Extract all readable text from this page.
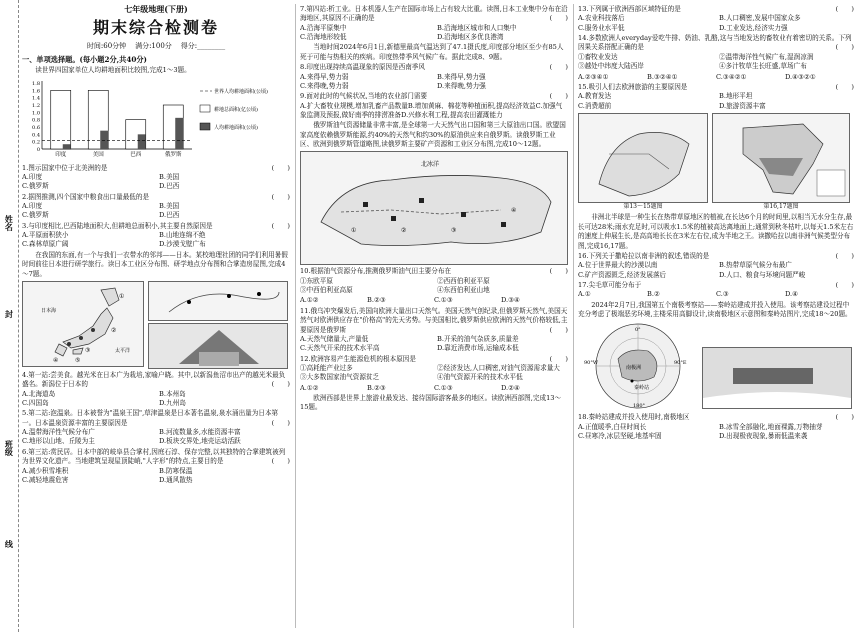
班级
姓名
封
线
七年级地理(下册)
期末综合检测卷
时间:60分钟 满分:100分 得分:________
一、单项选择题。(每小题2分,共40分)
读世界四国家单位人均耕地面积比较图,完成1～3题。
1.8
1.6
1.4
1.2
1.0
0.8
0.6
0.4
0.2
0
印度	美国	巴西	俄罗斯
世界人均耕地面积(公顷)
耕地总面积(亿公顷)
人均耕地面积(公顷)
1.图示国家中位于北美洲的是	(　　)
A.印度	B.美国
C.俄罗斯	D.巴西
2.据图推测,四个国家中粮食出口量最低的是	(　　)
A.印度	B.美国
C.俄罗斯	D.巴西
3.与印度相比,巴西陆地面积大,但耕地总面积小,其主要自然原因是	(　　)
A.平原面积狭小	B.山地连绵不绝
C.森林草原广阔	D.沙漠戈壁广布
在我国的东面,有一个与我们一衣带水的邻邦——日本。某校地理社团的同学们利用暑假时间前往日本进行研学旅行。读日本工业区分布图、研学地点分布图和合掌造房屋图,完成4～7题。
①
②
③
④	⑤
太平洋
日本海
4.第一站:尝美食。越光米在日本广为栽培,家喻户晓。其中,以新潟鱼沼市出产的越光米最负盛名。新潟位于日本的	(　　)
A.北海道岛	B.本州岛
C.四国岛	D.九州岛
5.第二站:泡温泉。日本被誉为"温泉王国",草津温泉是日本著名温泉,泉水涌出量为日本第一。日本温泉资源丰富的主要原因是	(　　)
A.温带海洋性气候分布广	B.河流数量多,水能资源丰富
C.地形以山地、丘陵为主	D.板块交界处,地壳运动活跃
6.第三站:赏民居。日本中部的岐阜县合掌村,因庭石淳、保存完整,以其独特的合掌建筑被列为世界文化遗产。当地建筑呈现屋顶陡峭,"人字形"的特点,主要目的是	(　　)
A.减少积雪堆积	B.防寒保温
C.减轻地震危害	D.通风散热
7.第四站:析工业。日本机器人生产在国际市场上占有较大比重。读图,日本工业集中分布在沿海地区,其原因不正确的是	(　　)
A.沿海平原集中	B.沿海地区城市和人口集中
C.沿海地形较低	D.沿海地区多优良港湾
当地时间2024年6月1日,新德里最高气温达到了47.1摄氏度,印度部分地区至少有85人死于可能与热相关的疾病。印度热带季风气候广布。据此完成8、9题。
8.印度出现持续高温现象的原因是西南季风	(　　)
A.来得早,势力弱	B.来得早,势力强
C.来得晚,势力弱	D.来得晚,势力强
9.面对此时的气候状况,当地的农业部门需要	(　　)
A.扩大畜牧业规模,增加乳畜产品数量B.增加黄麻、棉花等种植面积,提高经济效益C.加强气象监测及预报,做好南季的排涝准备D.兴修水利工程,提高农田灌溉能力
俄罗斯油气资源储量非常丰富,是全球第一大天然气出口国和第三大原油出口国。欧盟国家高度依赖俄罗斯能源,约40%的天然气和约30%的原油供应来自俄罗斯。读俄罗斯工业区、欧洲到俄罗斯管道略图,读俄罗斯主要矿产资源和工业区分布图,完成10～12题。
北冰洋
①	②	③
④
10.根据油气资源分布,推测俄罗斯油气田主要分布在	(　　)
①东欧平原	②西西伯利亚平原
③中西伯利亚高原	④东西伯利亚山地
A.①②	B.②③	C.①③	D.③④
11.俄乌冲突爆发后,美国向欧洲大量出口天然气。美国天然气创纪录,但俄罗斯天然气,美国天然气对欧洲供应存在"价格高"的先天劣势。与美国相比,俄罗斯供应欧洲的天然气价格较低,主要原因是俄罗斯	(　　)
A.天然气储量大,产量低	B.开采的油气杂质多,质量差
C.天然气开采的技术水平高	D.靠近消费市场,运输成本低
12.欧洲容易产生能源危机的根本原因是	(　　)
①高耗能产业过多	②经济发达,人口稠密,对油气资源需求量大
③大多数国家油气资源贫乏	④油气资源开采的技术水平低
A.①②	B.②③	C.①③	D.②④
欧洲西部是世界上旅游业最发达、接待国际游客最多的地区。读欧洲西部图,完成13～15题。
13.下列属于欧洲西部区域特征的是	(　　)
A.农业科技落后	B.人口稠密,发展中国家众多
C.服务业水平低	D.工业发达,经济实力强
14.多数欧洲人everyday爱吃牛排、奶油、乳酪,这与当地发达的畜牧业有着密切的关系。下列因果关系搭配正确的是	(　　)
①畜牧业发达	②温带海洋性气候广布,湿润凉润
③越处中纬度大陆西岸	④多汁牧草生长旺盛,草场广布
A.②③④①	B.③②④①	C.③④②①	D.④③②①
15.吸引人们去欧洲旅游的主要原因是	(　　)
A.教育发达	B.地形平坦
C.消费超前	D.旅游资源丰富
第13～15题图	第16,17题图
非洲北半球是一种生长在热带草原地区的植被,在长达6个月的时间里,以相当无水分生存,最长可达28米;雨水充足时,可以吸水1.5米的植被高达离地面上;通常到秋冬枯叶,以每天1.5米左右的速度上伸展生长,是高高地长长在3米左右位,成为半地之王。读撒哈拉以南非洲气候类型分布图,完成16,17题。
16.下列关于撒哈拉以南非洲的叙述,错误的是	(　　)
A.位于世界最大的沙漠以南	B.热带草原气候分布最广
C.矿产资源匮乏,经济发展落后	D.人口、粮食与环境问题严峻
17.尖毛草可能分布于	(　　)
A.①	B.②	C.③	D.④
2024年2月7日,我国第五个南极考察站——秦岭站建成并投入使用。该考察站建设过程中充分考虑了极端恶劣环境,主楼采用高脚设计,读南极地区示意图和秦岭站图片,完成18～20题。
南极洲
秦岭站
0°
90°E
180°
90°W
18.秦岭站建成并投入使用时,南极地区	(　　)
A.正值暖季,白昼时间长	B.冰雪全部融化,地面裸露,万物抽芽
C.昼寒冷,冰层坚硬,地基牢固	D.出现极夜现象,暴雨低温来袭
